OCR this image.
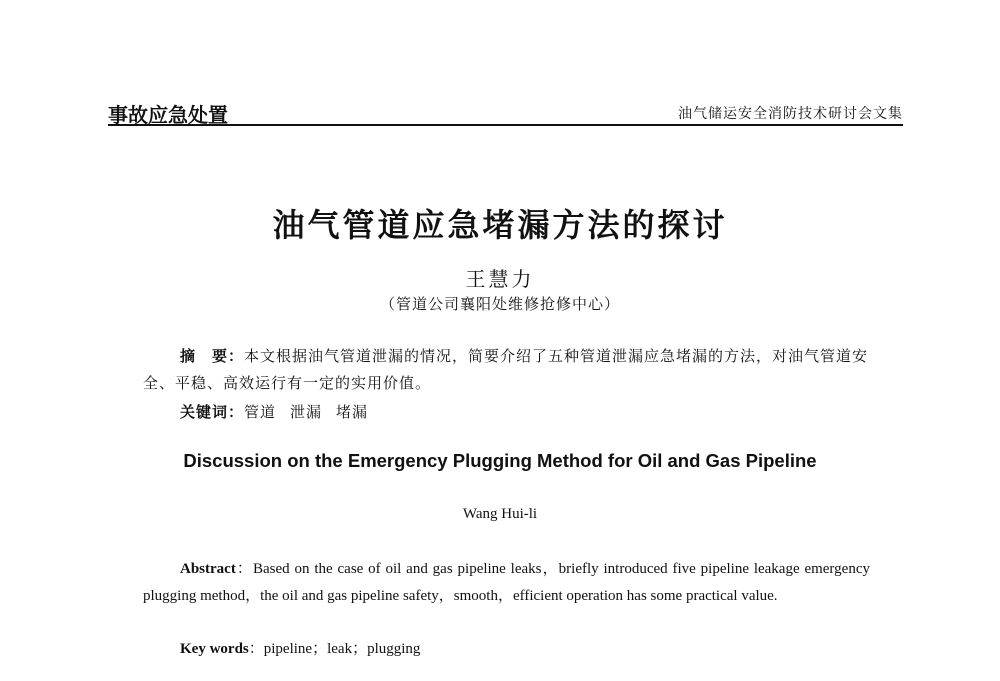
事故应急处置	油气储运安全消防技术研讨会文集
油气管道应急堵漏方法的探讨
王慧力
（管道公司襄阳处维修抢修中心）
摘　要：本文根据油气管道泄漏的情况，简要介绍了五种管道泄漏应急堵漏的方法，对油气管道安全、平稳、高效运行有一定的实用价值。
关键词：管道 泄漏 堵漏
Discussion on the Emergency Plugging Method for Oil and Gas Pipeline
Wang Hui-li
Abstract：Based on the case of oil and gas pipeline leaks，briefly introduced five pipeline leakage emergency plugging method，the oil and gas pipeline safety，smooth，efficient operation has some practical value.
Key words：pipeline；leak；plugging
